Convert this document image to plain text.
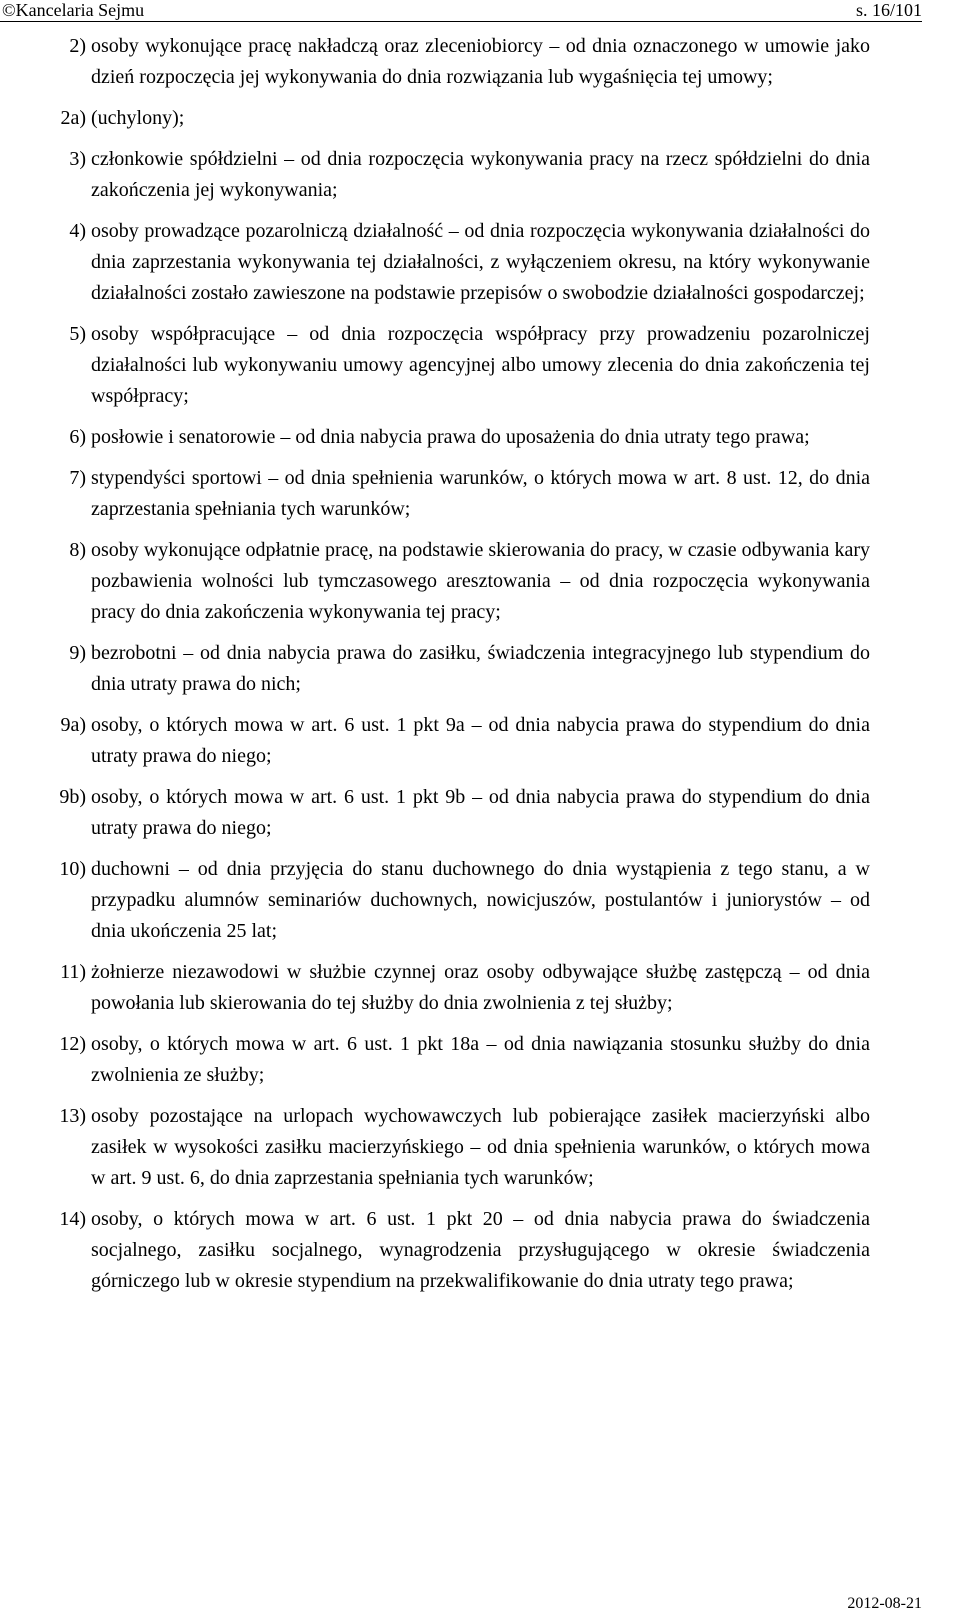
©Kancelaria Sejmu	s. 16/101
2) osoby wykonujące pracę nakładczą oraz zleceniobiorcy – od dnia oznaczonego w umowie jako dzień rozpoczęcia jej wykonywania do dnia rozwiązania lub wygaśnięcia tej umowy;
2a) (uchylony);
3) członkowie spółdzielni – od dnia rozpoczęcia wykonywania pracy na rzecz spółdzielni do dnia zakończenia jej wykonywania;
4) osoby prowadzące pozarolniczą działalność – od dnia rozpoczęcia wykonywania działalności do dnia zaprzestania wykonywania tej działalności, z wyłączeniem okresu, na który wykonywanie działalności zostało zawieszone na podstawie przepisów o swobodzie działalności gospodarczej;
5) osoby współpracujące – od dnia rozpoczęcia współpracy przy prowadzeniu pozarolniczej działalności lub wykonywaniu umowy agencyjnej albo umowy zlecenia do dnia zakończenia tej współpracy;
6) posłowie i senatorowie – od dnia nabycia prawa do uposażenia do dnia utraty tego prawa;
7) stypendyści sportowi – od dnia spełnienia warunków, o których mowa w art. 8 ust. 12, do dnia zaprzestania spełniania tych warunków;
8) osoby wykonujące odpłatnie pracę, na podstawie skierowania do pracy, w czasie odbywania kary pozbawienia wolności lub tymczasowego aresztowania – od dnia rozpoczęcia wykonywania pracy do dnia zakończenia wykonywania tej pracy;
9) bezrobotni – od dnia nabycia prawa do zasiłku, świadczenia integracyjnego lub stypendium do dnia utraty prawa do nich;
9a) osoby, o których mowa w art. 6 ust. 1 pkt 9a – od dnia nabycia prawa do stypendium do dnia utraty prawa do niego;
9b) osoby, o których mowa w art. 6 ust. 1 pkt 9b – od dnia nabycia prawa do stypendium do dnia utraty prawa do niego;
10) duchowni – od dnia przyjęcia do stanu duchownego do dnia wystąpienia z tego stanu, a w przypadku alumnów seminariów duchownych, nowicjuszów, postulantów i juniorystów – od dnia ukończenia 25 lat;
11) żołnierze niezawodowi w służbie czynnej oraz osoby odbywające służbę zastępczą – od dnia powołania lub skierowania do tej służby do dnia zwolnienia z tej służby;
12) osoby, o których mowa w art. 6 ust. 1 pkt 18a – od dnia nawiązania stosunku służby do dnia zwolnienia ze służby;
13) osoby pozostające na urlopach wychowawczych lub pobierające zasiłek macierzyński albo zasiłek w wysokości zasiłku macierzyńskiego – od dnia spełnienia warunków, o których mowa w art. 9 ust. 6, do dnia zaprzestania spełniania tych warunków;
14) osoby, o których mowa w art. 6 ust. 1 pkt 20 – od dnia nabycia prawa do świadczenia socjalnego, zasiłku socjalnego, wynagrodzenia przysługującego w okresie świadczenia górniczego lub w okresie stypendium na przekwalifikowanie do dnia utraty tego prawa;
2012-08-21
